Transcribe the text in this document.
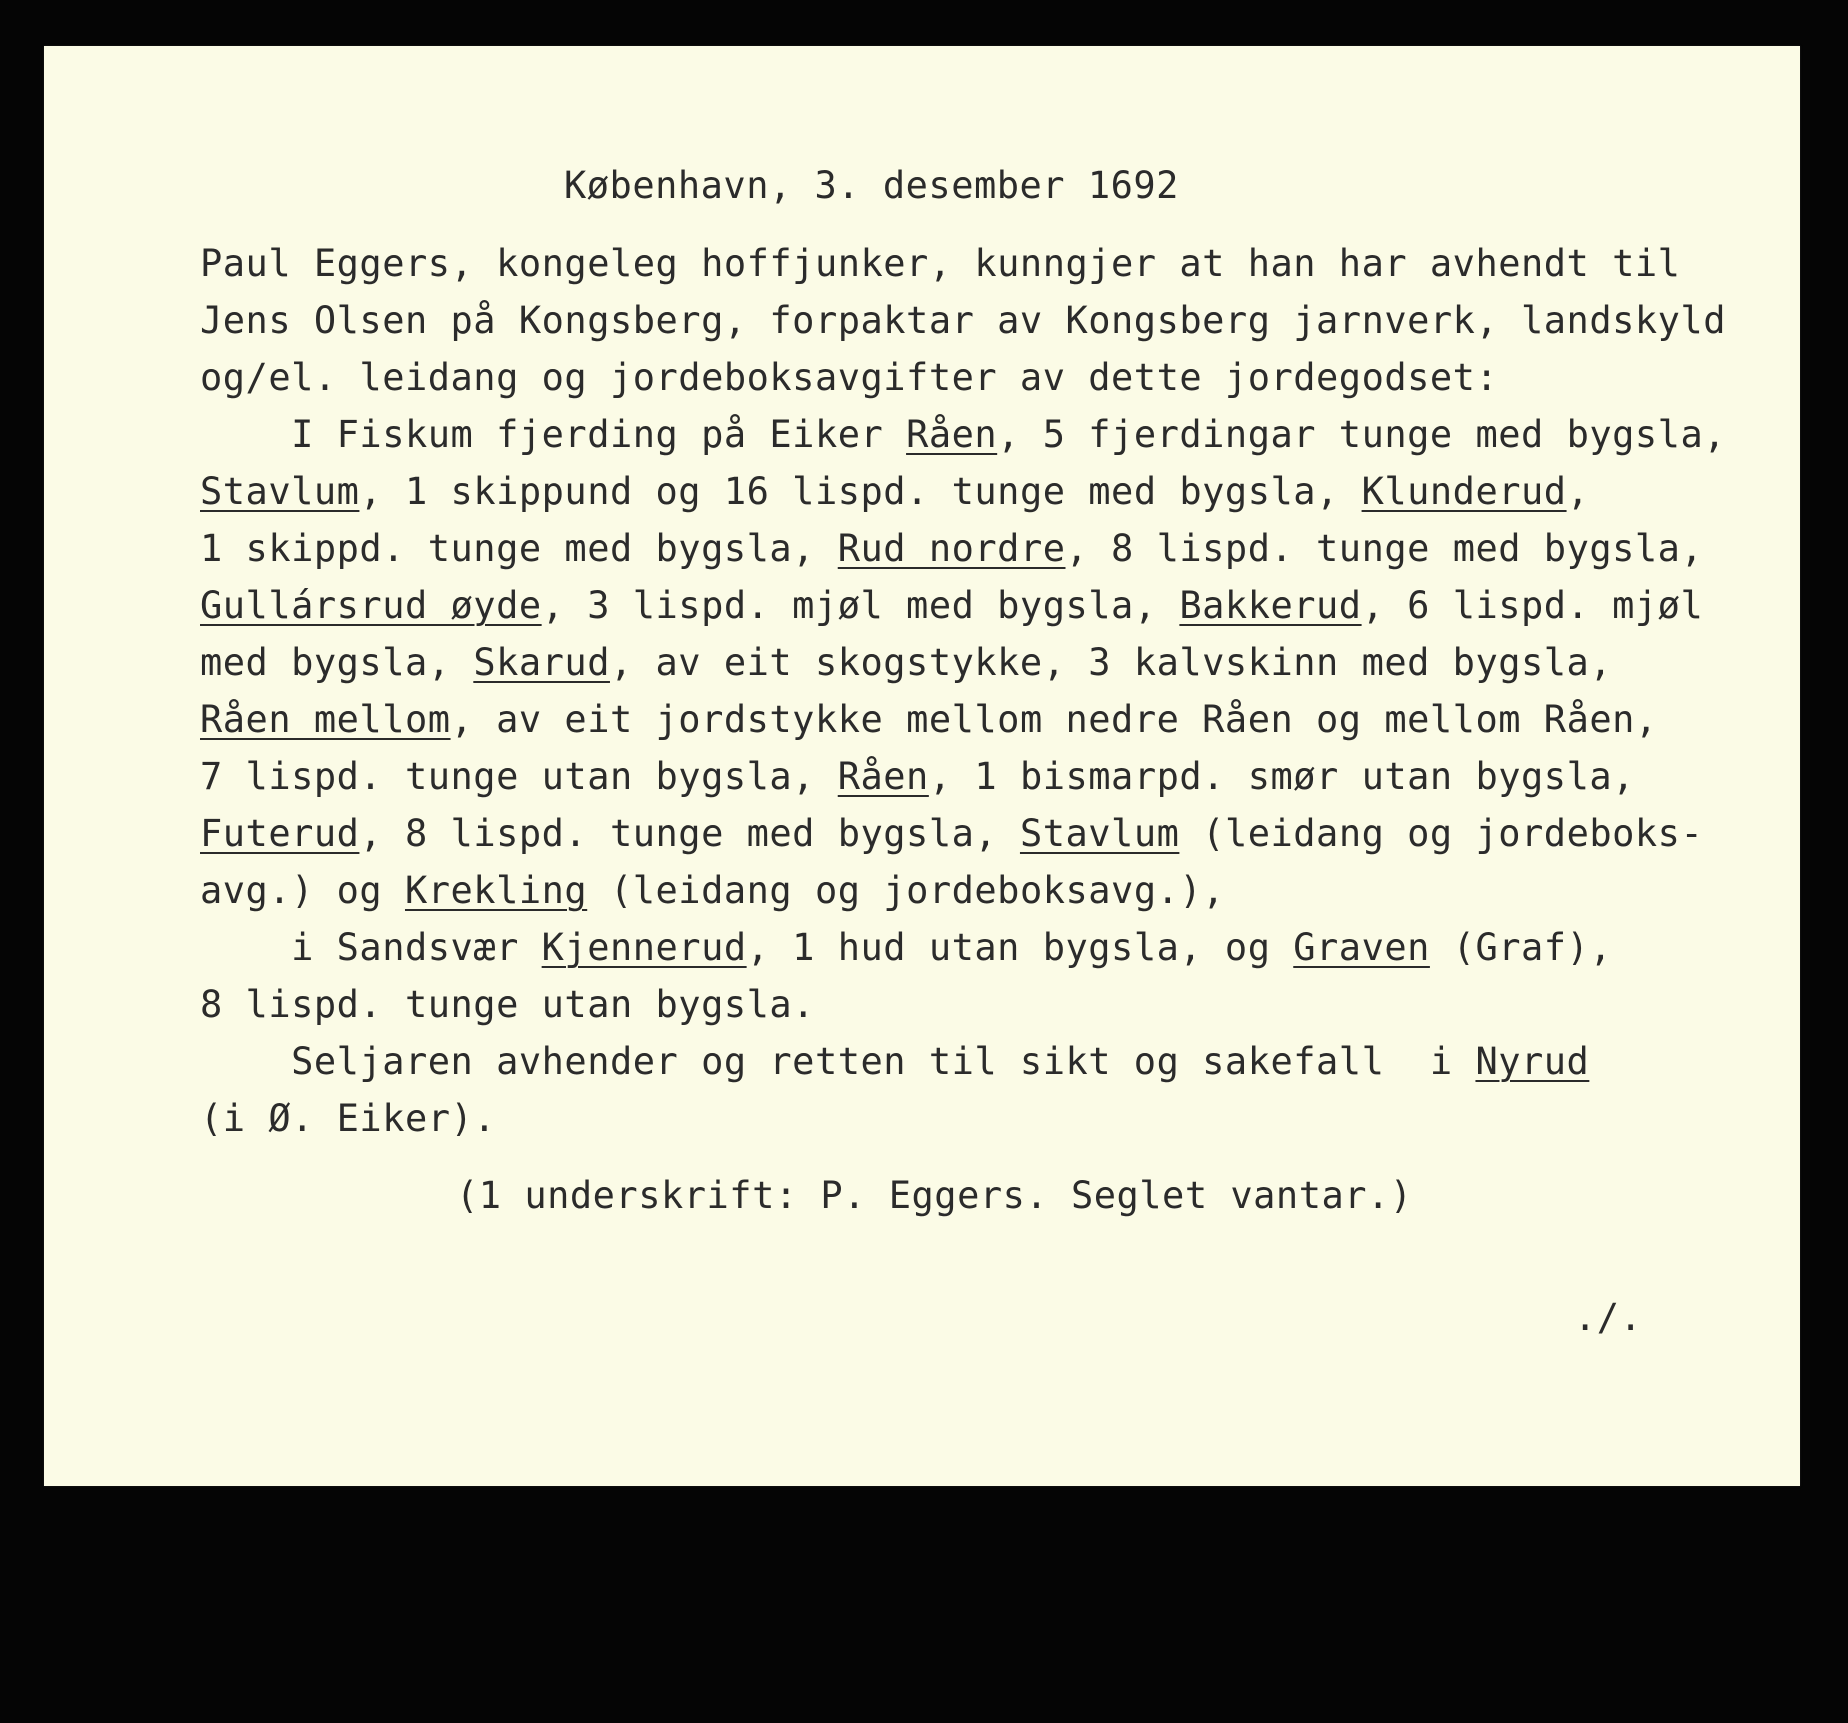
København, 3. desember 1692

Paul Eggers, kongeleg hoffjunker, kunngjer at han har avhendt til

Jens Olsen på Kongsberg, forpaktar av Kongsberg jarnverk, landskyld

og/el. leidang og jordeboksavgifter av dette jordegodset:

I Fiskum fjerding på Eiker Råen, 5 fjerdingar tunge med bygsla,

Stavlum, 1 skippund og 16 lispd. tunge med bygsla, Klunderud,

1 skippd. tunge med bygsla, Rud nordre, 8 lispd. tunge med bygsla,

Gullársrud øyde, 3 lispd. mjøl med bygsla, Bakkerud, 6 lispd. mjøl

med bygsla, Skarud, av eit skogstykke, 3 kalvskinn med bygsla,

Råen mellom, av eit jordstykke mellom nedre Råen og mellom Råen,

7 lispd. tunge utan bygsla, Råen, 1 bismarpd. smør utan bygsla,

Futerud, 8 lispd. tunge med bygsla, Stavlum (leidang og jordeboks-

avg.) og Krekling (leidang og jordeboksavg.),

i Sandsvær Kjennerud, 1 hud utan bygsla, og Graven (Graf),

8 lispd. tunge utan bygsla.

Seljaren avhender og retten til sikt og sakefall  i Nyrud

(i Ø. Eiker).

(1 underskrift: P. Eggers. Seglet vantar.)

./.
